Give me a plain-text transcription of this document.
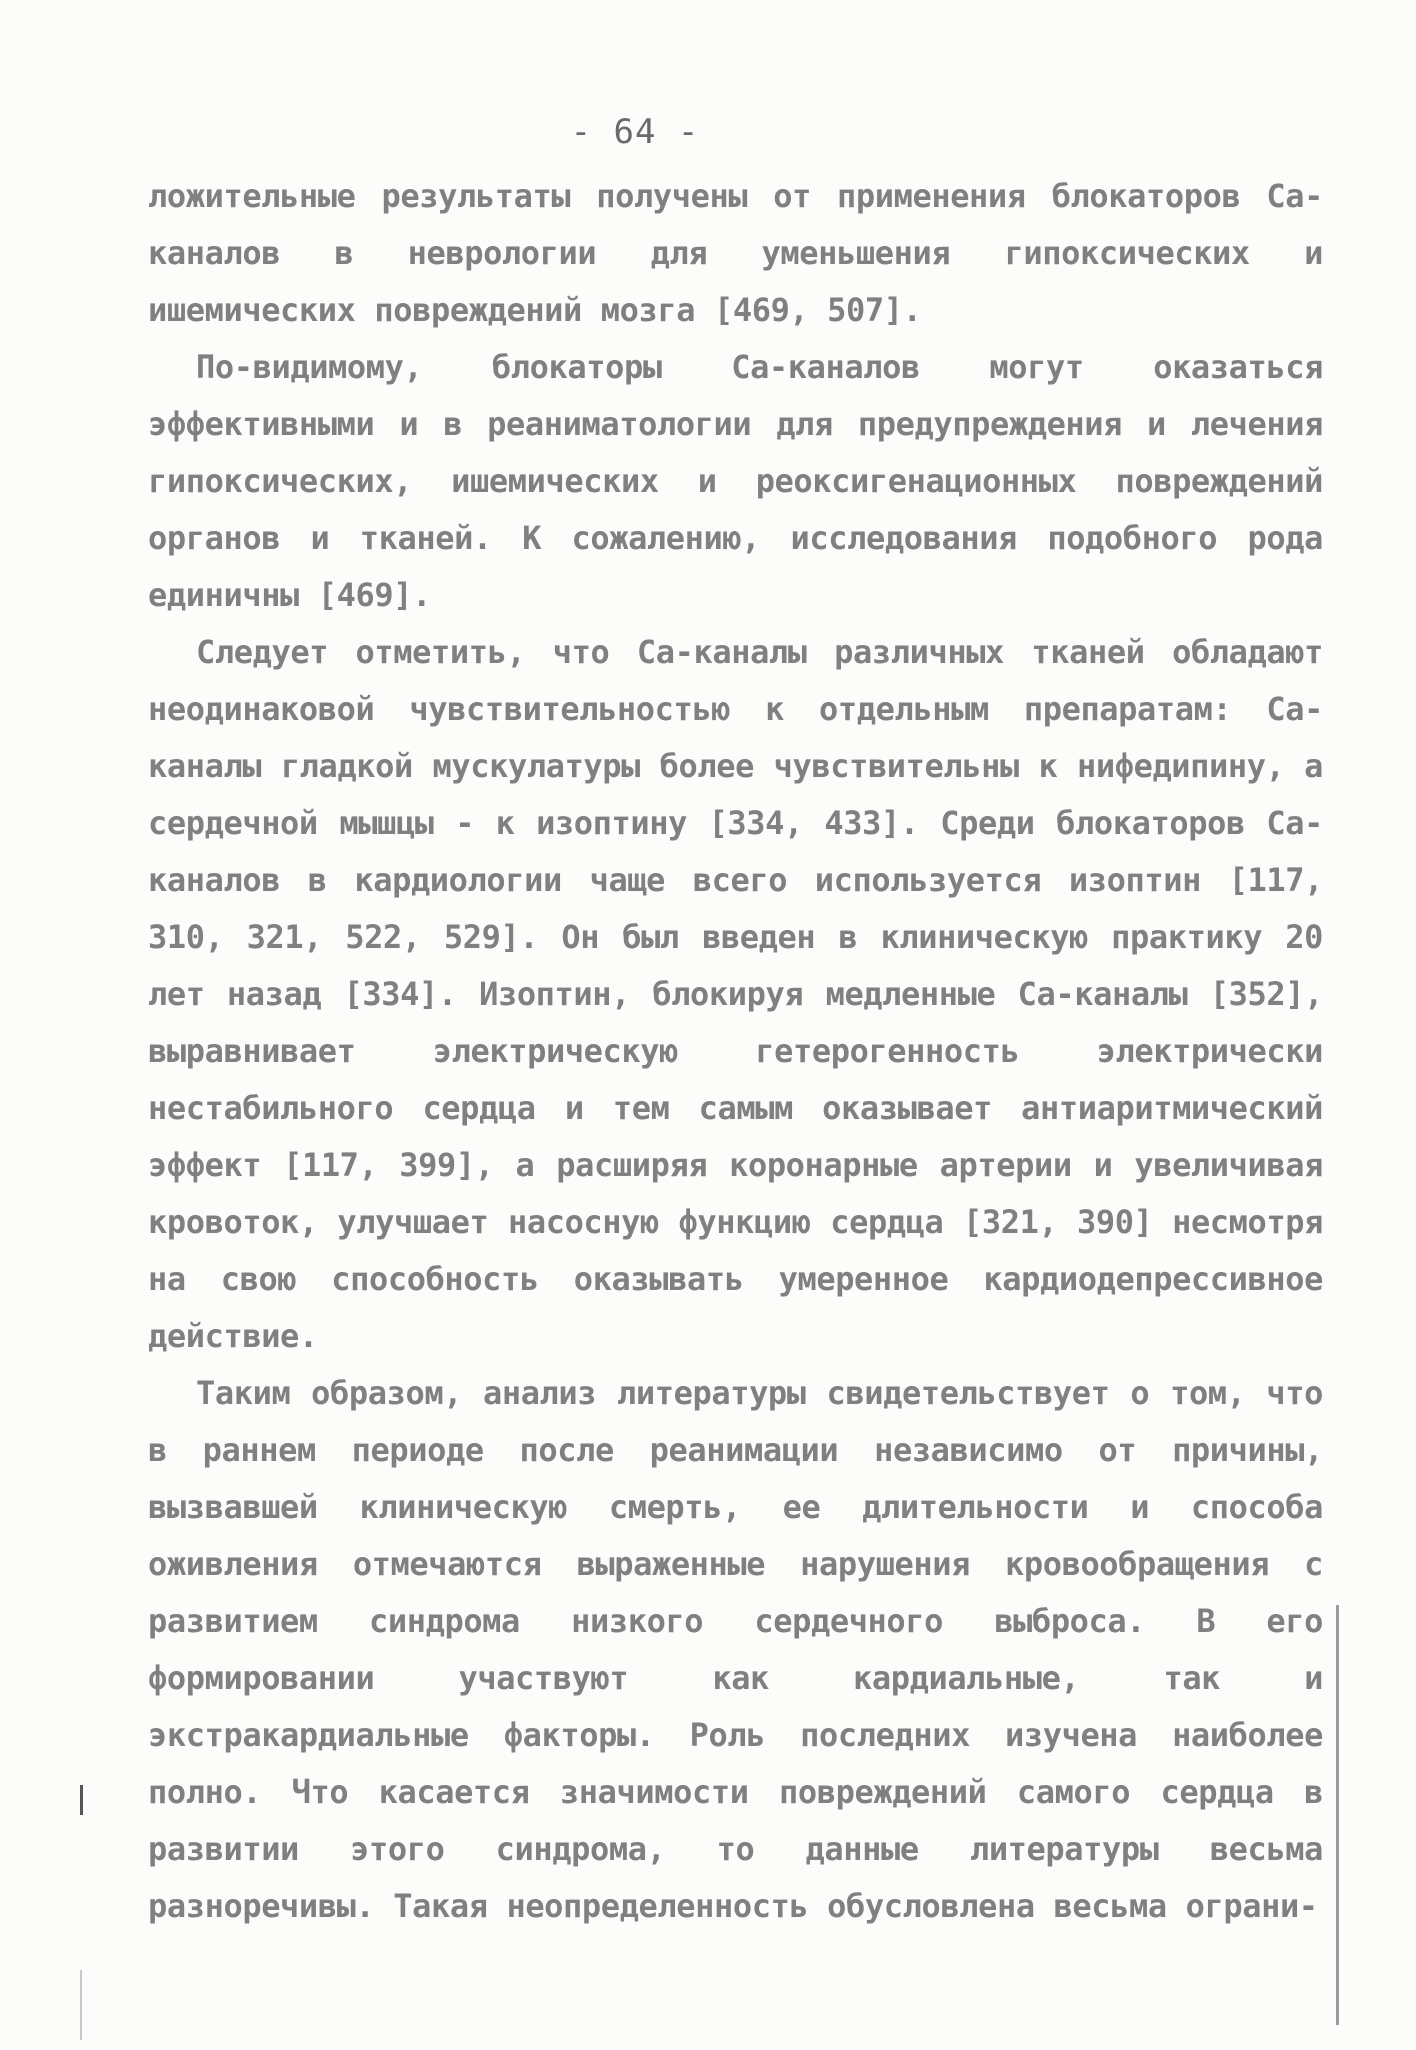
- 64 -

ложительные результаты получены от применения блокаторов Са-каналов в неврологии для уменьшения гипоксических и ишемических повреждений мозга [469, 507].

По-видимому, блокаторы Са-каналов могут оказаться эффективными и в реаниматологии для предупреждения и лечения гипоксических, ишемических и реоксигенационных повреждений органов и тканей. К сожалению, исследования подобного рода единичны [469].

Следует отметить, что Са-каналы различных тканей обладают неодинаковой чувствительностью к отдельным препаратам: Са-каналы гладкой мускулатуры более чувствительны к нифедипину, а сердечной мышцы - к изоптину [334, 433]. Среди блокаторов Са-каналов в кардиологии чаще всего используется изоптин [117, 310, 321, 522, 529]. Он был введен в клиническую практику 20 лет назад [334]. Изоптин, блокируя медленные Са-каналы [352], выравнивает электрическую гетерогенность электрически нестабильного сердца и тем самым оказывает антиаритмический эффект [117, 399], а расширяя коронарные артерии и увеличивая кровоток, улучшает насосную функцию сердца [321, 390] несмотря на свою способность оказывать умеренное кардиодепрессивное действие.

Таким образом, анализ литературы свидетельствует о том, что в раннем периоде после реанимации независимо от причины, вызвавшей клиническую смерть, ее длительности и способа оживления отмечаются выраженные нарушения кровообращения с развитием синдрома низкого сердечного выброса. В его формировании участвуют как кардиальные, так и экстракардиальные факторы. Роль последних изучена наиболее полно. Что касается значимости повреждений самого сердца в развитии этого синдрома, то данные литературы весьма разноречивы. Такая неопределенность обусловлена весьма ограни-
